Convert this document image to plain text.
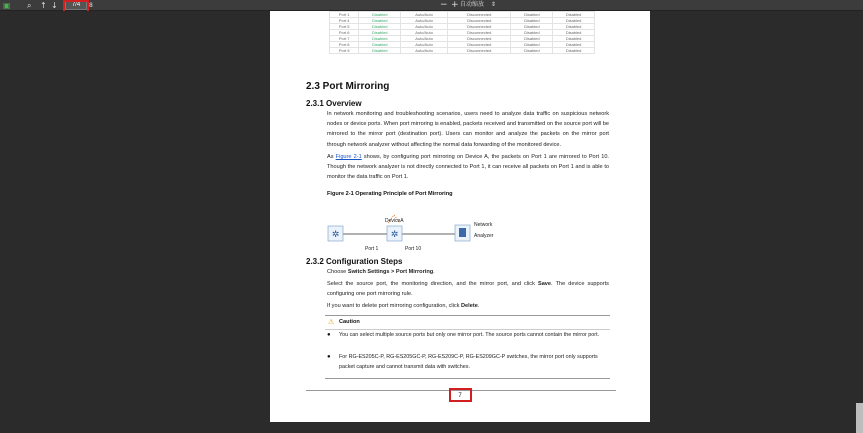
▣ ⌕ ↑ ↓	7/4	8	− + 自动缩放 ⇕
Port 1	Disabled	Auto/Auto	Disconnected	Disabled	Disabled
Port 4	Disabled	Auto/Auto	Disconnected	Disabled	Disabled
Port 5	Disabled	Auto/Auto	Disconnected	Disabled	Disabled
Port 6	Disabled	Auto/Auto	Disconnected	Disabled	Disabled
Port 7	Disabled	Auto/Auto	Disconnected	Disabled	Disabled
Port 8	Disabled	Auto/Auto	Disconnected	Disabled	Disabled
Port 9	Disabled	Auto/Auto	Disconnected	Disabled	Disabled
2.3 Port Mirroring
2.3.1 Overview

In network monitoring and troubleshooting scenarios, users need to analyze data traffic on suspicious network nodes or device ports. When port mirroring is enabled, packets received and transmitted on the source port will be mirrored to the mirror port (destination port). Users can monitor and analyze the packets on the mirror port through network analyzer without affecting the normal data forwarding of the monitored device.

As Figure 2-1 shows, by configuring port mirroring on Device A, the packets on Port 1 are mirrored to Port 10. Though the network analyzer is not directly connected to Port 1, it can receive all packets on Port 1 and is able to monitor the data traffic on Port 1.

Figure 2-1 Operating Principle of Port Mirroring
✲	✲
DeviceA
Port 1	Port 10
Network
Analyzer
2.3.2 Configuration Steps

Choose Switch Settings > Port Mirroring.

Select the source port, the monitoring direction, and the mirror port, and click Save. The device supports configuring one port mirroring rule.

If you want to delete port mirroring configuration, click Delete.

⚠ Caution
● You can select multiple source ports but only one mirror port. The source ports cannot contain the mirror port.
● For RG-ES205C-P, RG-ES205GC-P, RG-ES209C-P, RG-ES209GC-P switches, the mirror port only supports packet capture and cannot transmit data with switches.
7
